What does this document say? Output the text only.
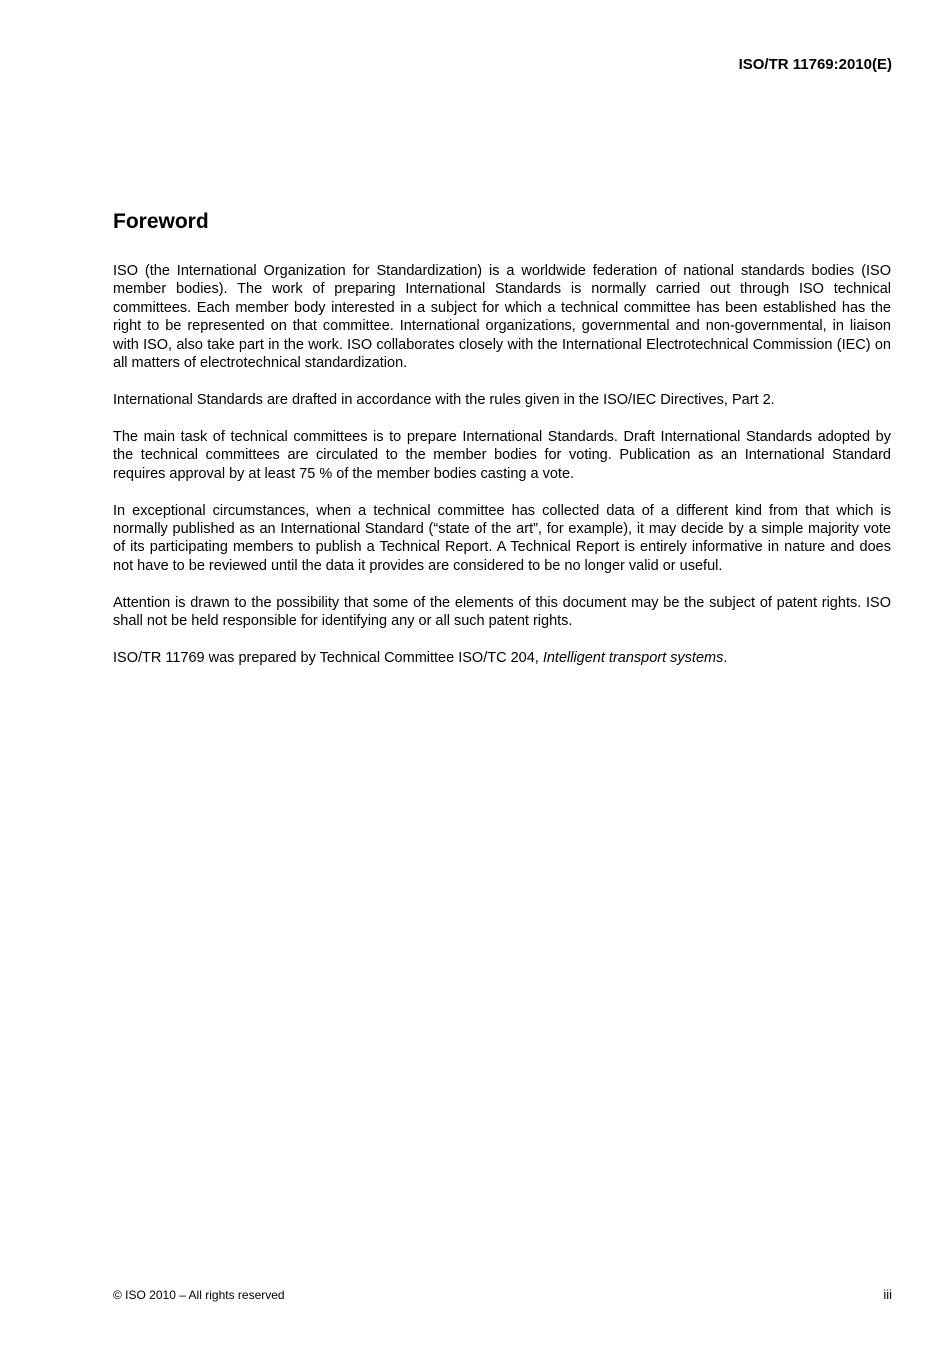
ISO/TR 11769:2010(E)
Foreword

ISO (the International Organization for Standardization) is a worldwide federation of national standards bodies (ISO member bodies). The work of preparing International Standards is normally carried out through ISO technical committees. Each member body interested in a subject for which a technical committee has been established has the right to be represented on that committee. International organizations, governmental and non-governmental, in liaison with ISO, also take part in the work. ISO collaborates closely with the International Electrotechnical Commission (IEC) on all matters of electrotechnical standardization.

International Standards are drafted in accordance with the rules given in the ISO/IEC Directives, Part 2.

The main task of technical committees is to prepare International Standards. Draft International Standards adopted by the technical committees are circulated to the member bodies for voting. Publication as an International Standard requires approval by at least 75 % of the member bodies casting a vote.

In exceptional circumstances, when a technical committee has collected data of a different kind from that which is normally published as an International Standard (“state of the art”, for example), it may decide by a simple majority vote of its participating members to publish a Technical Report. A Technical Report is entirely informative in nature and does not have to be reviewed until the data it provides are considered to be no longer valid or useful.

Attention is drawn to the possibility that some of the elements of this document may be the subject of patent rights. ISO shall not be held responsible for identifying any or all such patent rights.

ISO/TR 11769 was prepared by Technical Committee ISO/TC 204, Intelligent transport systems.

© ISO 2010 – All rights reserved	iii
